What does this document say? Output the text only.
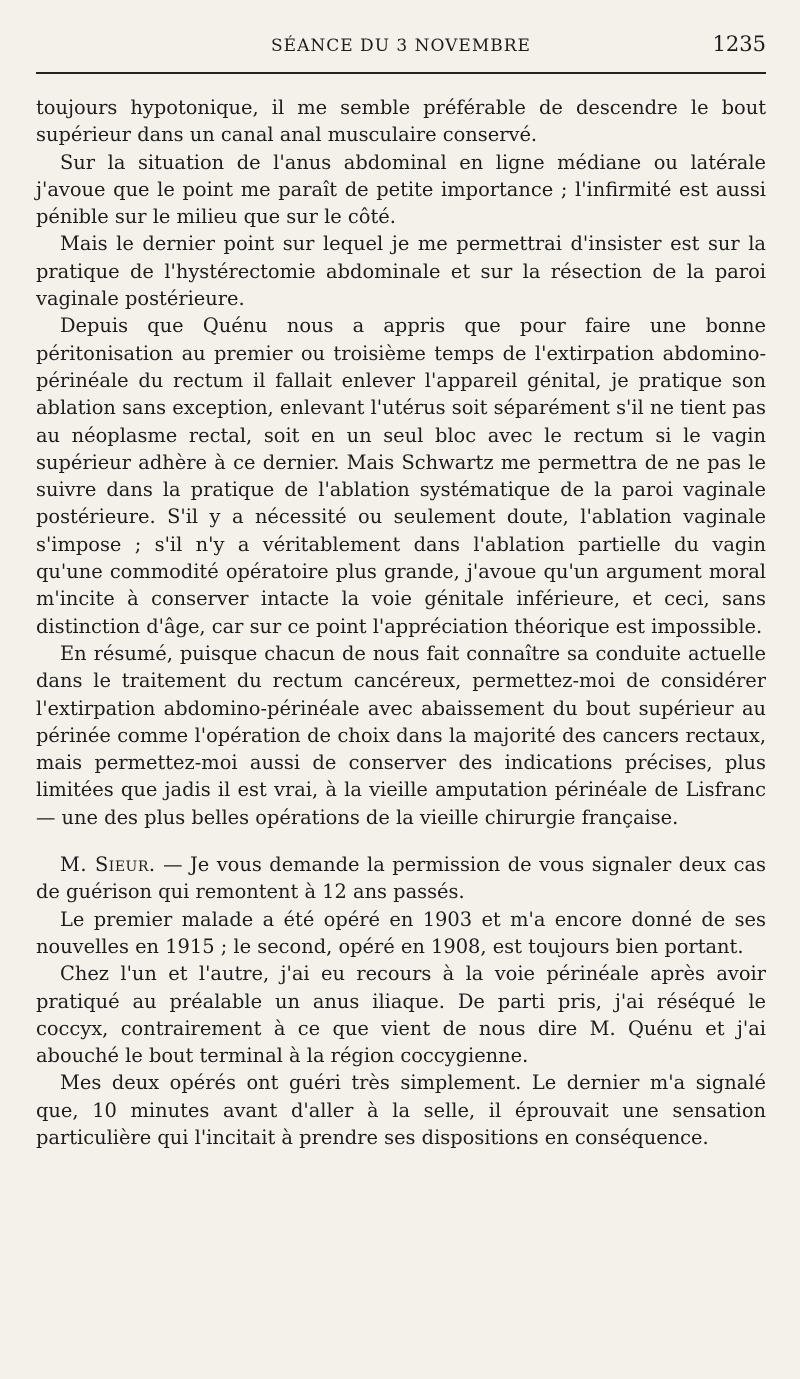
SÉANCE DU 3 NOVEMBRE	1235

toujours hypotonique, il me semble préférable de descendre le bout supérieur dans un canal anal musculaire conservé.

Sur la situation de l'anus abdominal en ligne médiane ou latérale j'avoue que le point me paraît de petite importance ; l'infirmité est aussi pénible sur le milieu que sur le côté.

Mais le dernier point sur lequel je me permettrai d'insister est sur la pratique de l'hystérectomie abdominale et sur la résection de la paroi vaginale postérieure.

Depuis que Quénu nous a appris que pour faire une bonne péritonisation au premier ou troisième temps de l'extirpation abdomino-périnéale du rectum il fallait enlever l'appareil génital, je pratique son ablation sans exception, enlevant l'utérus soit séparément s'il ne tient pas au néoplasme rectal, soit en un seul bloc avec le rectum si le vagin supérieur adhère à ce dernier. Mais Schwartz me permettra de ne pas le suivre dans la pratique de l'ablation systématique de la paroi vaginale postérieure. S'il y a nécessité ou seulement doute, l'ablation vaginale s'impose ; s'il n'y a véritablement dans l'ablation partielle du vagin qu'une commodité opératoire plus grande, j'avoue qu'un argument moral m'incite à conserver intacte la voie génitale inférieure, et ceci, sans distinction d'âge, car sur ce point l'appréciation théorique est impossible.

En résumé, puisque chacun de nous fait connaître sa conduite actuelle dans le traitement du rectum cancéreux, permettez-moi de considérer l'extirpation abdomino-périnéale avec abaissement du bout supérieur au périnée comme l'opération de choix dans la majorité des cancers rectaux, mais permettez-moi aussi de conserver des indications précises, plus limitées que jadis il est vrai, à la vieille amputation périnéale de Lisfranc — une des plus belles opérations de la vieille chirurgie française.

M. Sieur. — Je vous demande la permission de vous signaler deux cas de guérison qui remontent à 12 ans passés.

Le premier malade a été opéré en 1903 et m'a encore donné de ses nouvelles en 1915 ; le second, opéré en 1908, est toujours bien portant.

Chez l'un et l'autre, j'ai eu recours à la voie périnéale après avoir pratiqué au préalable un anus iliaque. De parti pris, j'ai réséqué le coccyx, contrairement à ce que vient de nous dire M. Quénu et j'ai abouché le bout terminal à la région coccygienne.

Mes deux opérés ont guéri très simplement. Le dernier m'a signalé que, 10 minutes avant d'aller à la selle, il éprouvait une sensation particulière qui l'incitait à prendre ses dispositions en conséquence.
